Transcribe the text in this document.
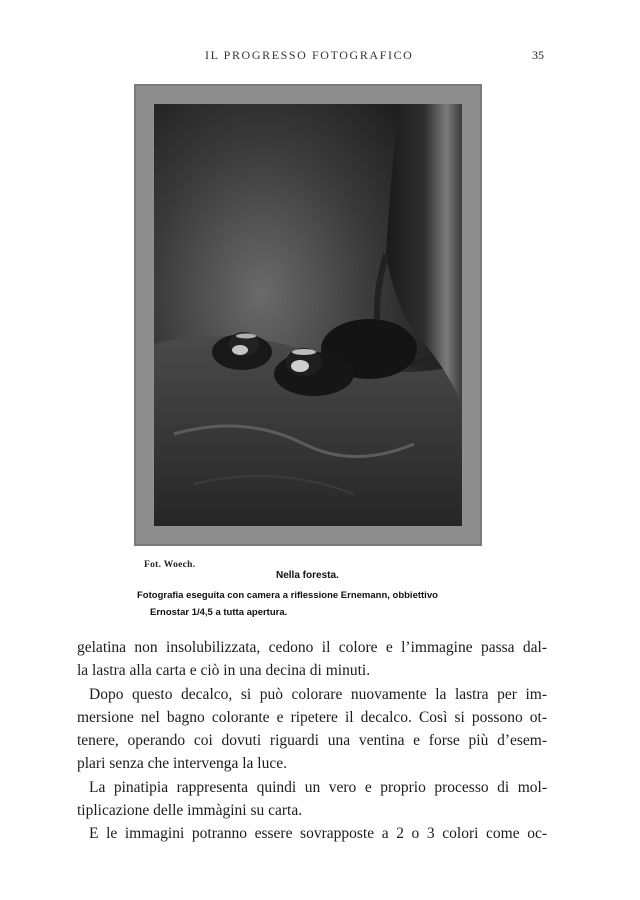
IL PROGRESSO FOTOGRAFICO	35
Fot. Woech.
Nella foresta.
Fotografia eseguita con camera a riflessione Ernemann, obbiettivo
Ernostar 1/4,5 a tutta apertura.
gelatina non insolubilizzata, cedono il colore e l’immagine passa dal-
la lastra alla carta e ciò in una decina di minuti.
Dopo questo decalco, si può colorare nuovamente la lastra per im-
mersione nel bagno colorante e ripetere il decalco. Così si possono ot-
tenere, operando coi dovuti riguardi una ventina e forse più d’esem-
plari senza che intervenga la luce.
La pinatipia rappresenta quindi un vero e proprio processo di mol-
tiplicazione delle immàgini su carta.
E le immagini potranno essere sovrapposte a 2 o 3 colori come oc-
